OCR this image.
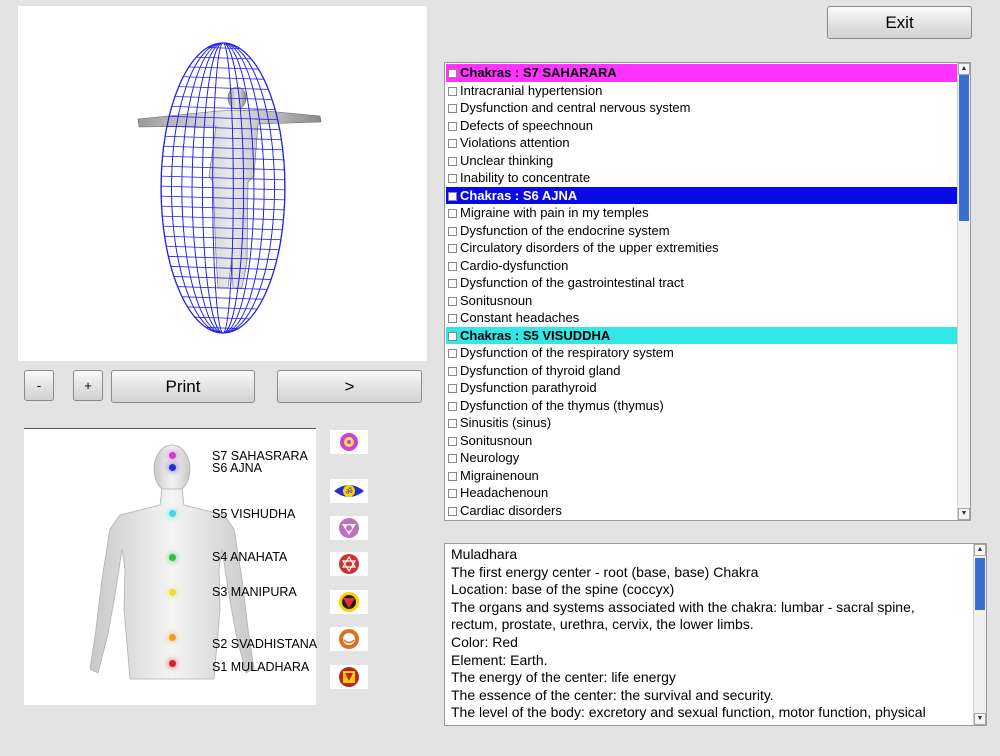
Exit
-	+	Print	>
Chakras : S7 SAHARARA
Intracranial hypertension
Dysfunction and central nervous system
Defects of speechnoun
Violations attention
Unclear thinking
Inability to concentrate
Chakras : S6 AJNA
Migraine with pain in my temples
Dysfunction of the endocrine system
Circulatory disorders of the upper extremities
Cardio-dysfunction
Dysfunction of the gastrointestinal tract
Sonitusnoun
Constant headaches
Chakras : S5 VISUDDHA
Dysfunction of the respiratory system
Dysfunction of thyroid gland
Dysfunction parathyroid
Dysfunction of the thymus (thymus)
Sinusitis (sinus)
Sonitusnoun
Neurology
Migrainenoun
Headachenoun
Cardiac disorders
▲
▼
S7 SAHASRARA
S6 AJNA
S5 VISHUDHA
S4 ANAHATA
S3 MANIPURA
S2 SVADHISTANA
S1 MULADHARA
ॐ
Muladhara
The first energy center - root (base, base) Chakra
Location: base of the spine (coccyx)
The organs and systems associated with the chakra: lumbar - sacral spine,
rectum, prostate, urethra, cervix, the lower limbs.
Color: Red
Element: Earth.
The energy of the center: life energy
The essence of the center: the survival and security.
The level of the body: excretory and sexual function, motor function, physical
▲
▼
